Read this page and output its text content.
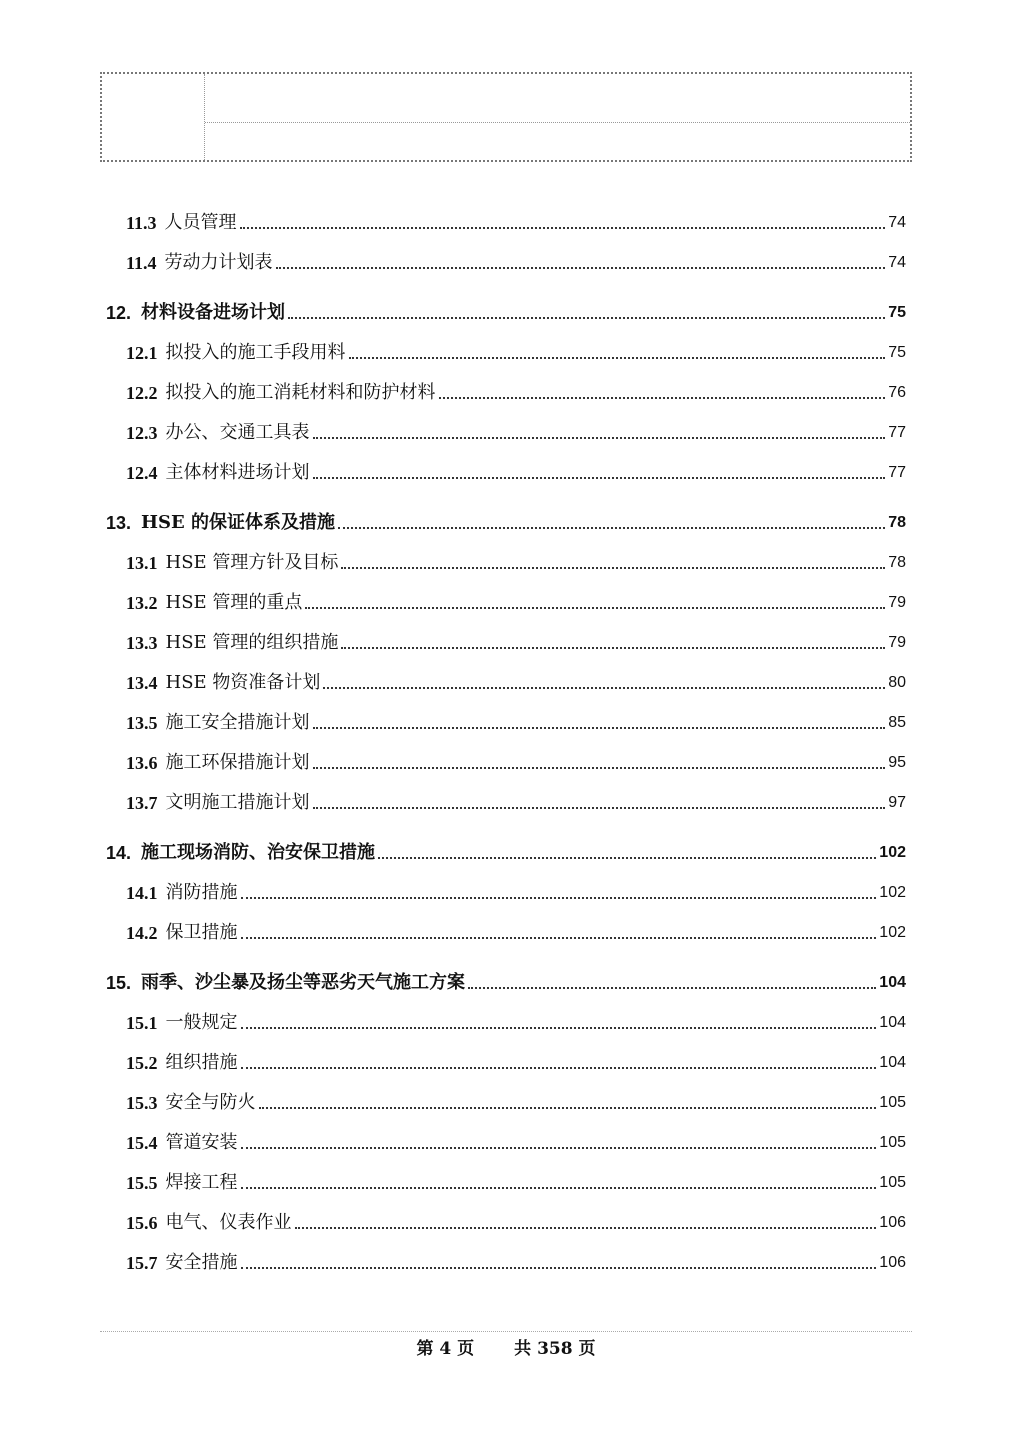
11.3 人员管理	74
11.4 劳动力计划表	74
12. 材料设备进场计划	75
12.1 拟投入的施工手段用料	75
12.2 拟投入的施工消耗材料和防护材料	76
12.3 办公、交通工具表	77
12.4 主体材料进场计划	77
13. HSE 的保证体系及措施	78
13.1 HSE 管理方针及目标	78
13.2 HSE 管理的重点	79
13.3 HSE 管理的组织措施	79
13.4 HSE 物资准备计划	80
13.5 施工安全措施计划	85
13.6 施工环保措施计划	95
13.7 文明施工措施计划	97
14. 施工现场消防、治安保卫措施	102
14.1 消防措施	102
14.2 保卫措施	102
15. 雨季、沙尘暴及扬尘等恶劣天气施工方案	104
15.1 一般规定	104
15.2 组织措施	104
15.3 安全与防火	105
15.4 管道安装	105
15.5 焊接工程	105
15.6 电气、仪表作业	106
15.7 安全措施	106
第 4 页 共 358 页
